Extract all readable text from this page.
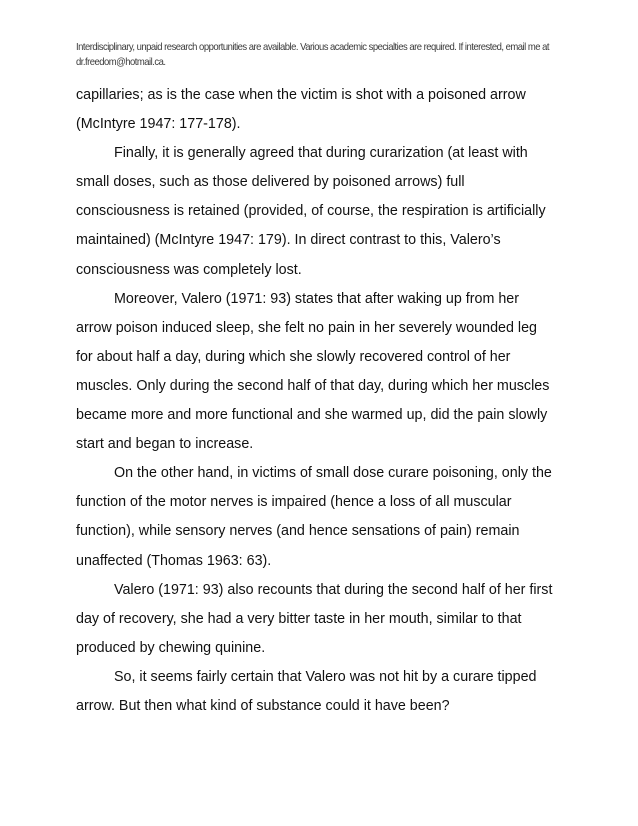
Interdisciplinary, unpaid research opportunities are available. Various academic specialties are required. If interested, email me at
dr.freedom@hotmail.ca.
capillaries; as is the case when the victim is shot with a poisoned arrow
(McIntyre 1947: 177-178).
Finally, it is generally agreed that during curarization (at least with
small doses, such as those delivered by poisoned arrows) full
consciousness is retained (provided, of course, the respiration is artificially
maintained) (McIntyre 1947: 179). In direct contrast to this, Valero’s
consciousness was completely lost.
Moreover, Valero (1971: 93) states that after waking up from her
arrow poison induced sleep, she felt no pain in her severely wounded leg
for about half a day, during which she slowly recovered control of her
muscles. Only during the second half of that day, during which her muscles
became more and more functional and she warmed up, did the pain slowly
start and began to increase.
On the other hand, in victims of small dose curare poisoning, only the
function of the motor nerves is impaired (hence a loss of all muscular
function), while sensory nerves (and hence sensations of pain) remain
unaffected (Thomas 1963: 63).
Valero (1971: 93) also recounts that during the second half of her first
day of recovery, she had a very bitter taste in her mouth, similar to that
produced by chewing quinine.
So, it seems fairly certain that Valero was not hit by a curare tipped
arrow. But then what kind of substance could it have been?
